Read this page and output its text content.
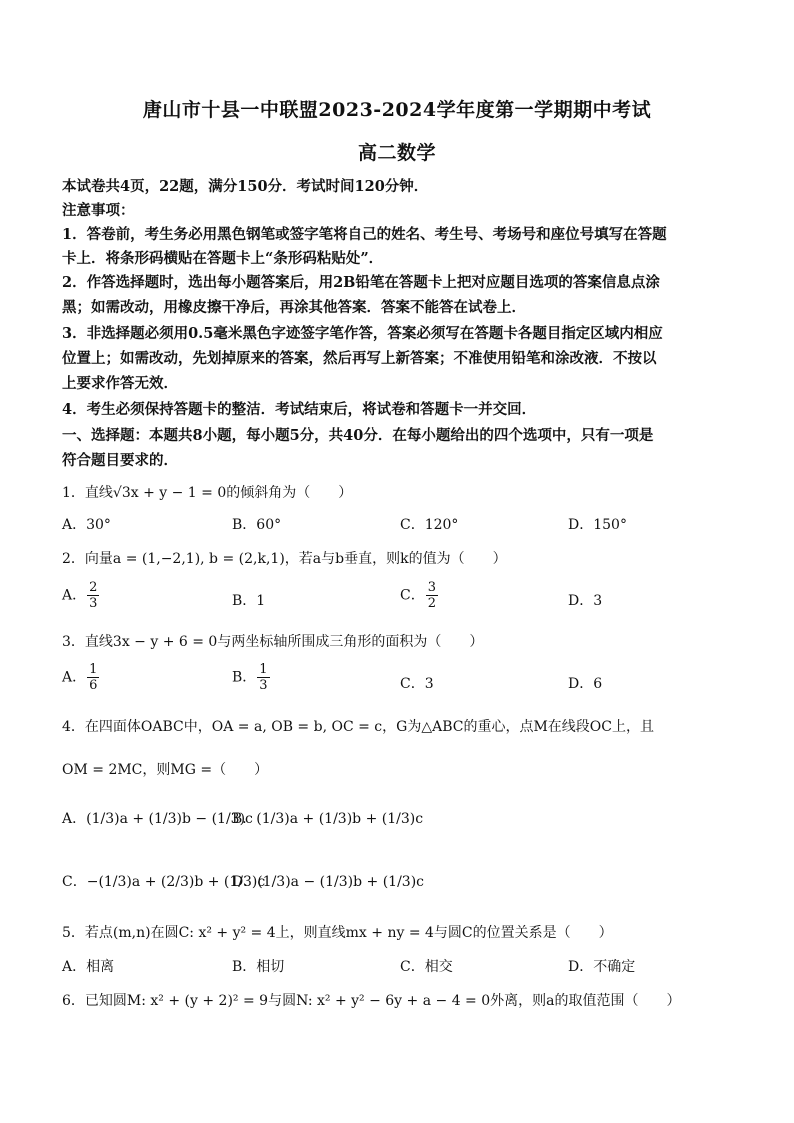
唐山市十县一中联盟2023-2024学年度第一学期期中考试
高二数学
本试卷共4页，22题，满分150分．考试时间120分钟．
注意事项：
1．答卷前，考生务必用黑色钢笔或签字笔将自己的姓名、考生号、考场号和座位号填写在答题
卡上．将条形码横贴在答题卡上“条形码粘贴处”．
2．作答选择题时，选出每小题答案后，用2B铅笔在答题卡上把对应题目选项的答案信息点涂
黑；如需改动，用橡皮擦干净后，再涂其他答案．答案不能答在试卷上．
3．非选择题必须用0.5毫米黑色字迹签字笔作答，答案必须写在答题卡各题目指定区域内相应
位置上；如需改动，先划掉原来的答案，然后再写上新答案；不准使用铅笔和涂改液．不按以
上要求作答无效．
4．考生必须保持答题卡的整洁．考试结束后，将试卷和答题卡一并交回．
一、选择题：本题共8小题，每小题5分，共40分．在每小题给出的四个选项中，只有一项是
符合题目要求的．
1．直线√3x + y − 1 = 0的倾斜角为（　　）
A．30°	B．60°	C．120°	D．150°
2．向量a = (1,−2,1), b = (2,k,1)，若a与b垂直，则k的值为（　　）
A． $\frac{2}{3}$	B．1	C． $\frac{3}{2}$	D．3
3．直线3x − y + 6 = 0与两坐标轴所围成三角形的面积为（　　）
A． $\frac{1}{6}$	B． $\frac{1}{3}$	C．3	D．6
4．在四面体OABC中，OA = a, OB = b, OC = c，G为△ABC的重心，点M在线段OC上，且
OM = 2MC，则MG =（　　）
A．(1/3)a + (1/3)b − (1/3)c
B．(1/3)a + (1/3)b + (1/3)c
C．−(1/3)a + (2/3)b + (1/3)c
D．(1/3)a − (1/3)b + (1/3)c
5．若点(m,n)在圆C: x² + y² = 4上，则直线mx + ny = 4与圆C的位置关系是（　　）
A．相离	B．相切	C．相交	D．不确定
6．已知圆M: x² + (y + 2)² = 9与圆N: x² + y² − 6y + a − 4 = 0外离，则a的取值范围（　　）
